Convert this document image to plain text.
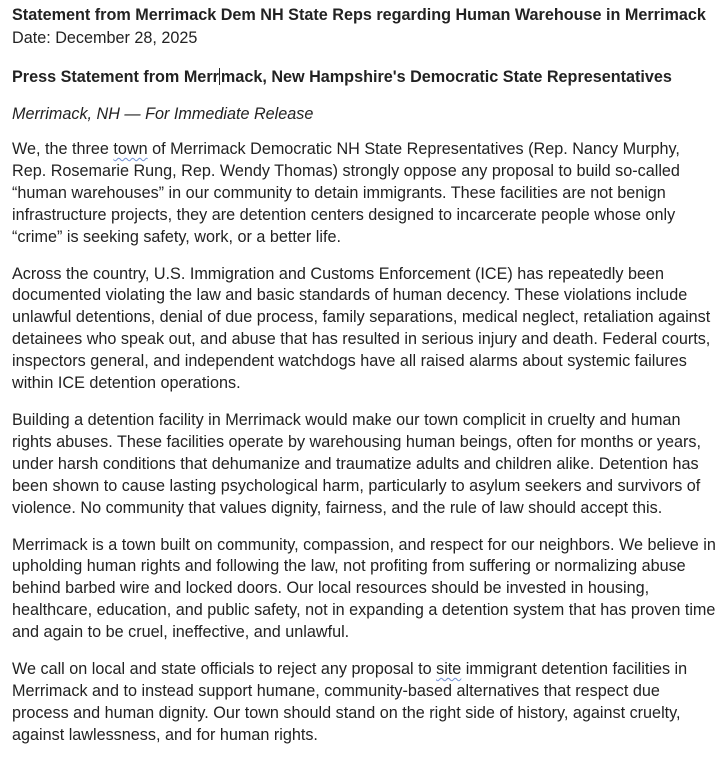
Statement from Merrimack Dem NH State Reps regarding Human Warehouse in Merrimack

Date: December 28, 2025

Press Statement from Merr mack, New Hampshire's Democratic State Representatives

Merrimack, NH — For Immediate Release

We, the three town of Merrimack Democratic NH State Representatives (Rep. Nancy Murphy, Rep. Rosemarie Rung, Rep. Wendy Thomas) strongly oppose any proposal to build so-called “human warehouses” in our community to detain immigrants. These facilities are not benign infrastructure projects, they are detention centers designed to incarcerate people whose only “crime” is seeking safety, work, or a better life.

Across the country, U.S. Immigration and Customs Enforcement (ICE) has repeatedly been documented violating the law and basic standards of human decency. These violations include unlawful detentions, denial of due process, family separations, medical neglect, retaliation against detainees who speak out, and abuse that has resulted in serious injury and death. Federal courts, inspectors general, and independent watchdogs have all raised alarms about systemic failures within ICE detention operations.

Building a detention facility in Merrimack would make our town complicit in cruelty and human rights abuses. These facilities operate by warehousing human beings, often for months or years, under harsh conditions that dehumanize and traumatize adults and children alike. Detention has been shown to cause lasting psychological harm, particularly to asylum seekers and survivors of violence. No community that values dignity, fairness, and the rule of law should accept this.

Merrimack is a town built on community, compassion, and respect for our neighbors. We believe in upholding human rights and following the law, not profiting from suffering or normalizing abuse behind barbed wire and locked doors. Our local resources should be invested in housing, healthcare, education, and public safety, not in expanding a detention system that has proven time and again to be cruel, ineffective, and unlawful.

We call on local and state officials to reject any proposal to site immigrant detention facilities in Merrimack and to instead support humane, community-based alternatives that respect due process and human dignity. Our town should stand on the right side of history, against cruelty, against lawlessness, and for human rights.
